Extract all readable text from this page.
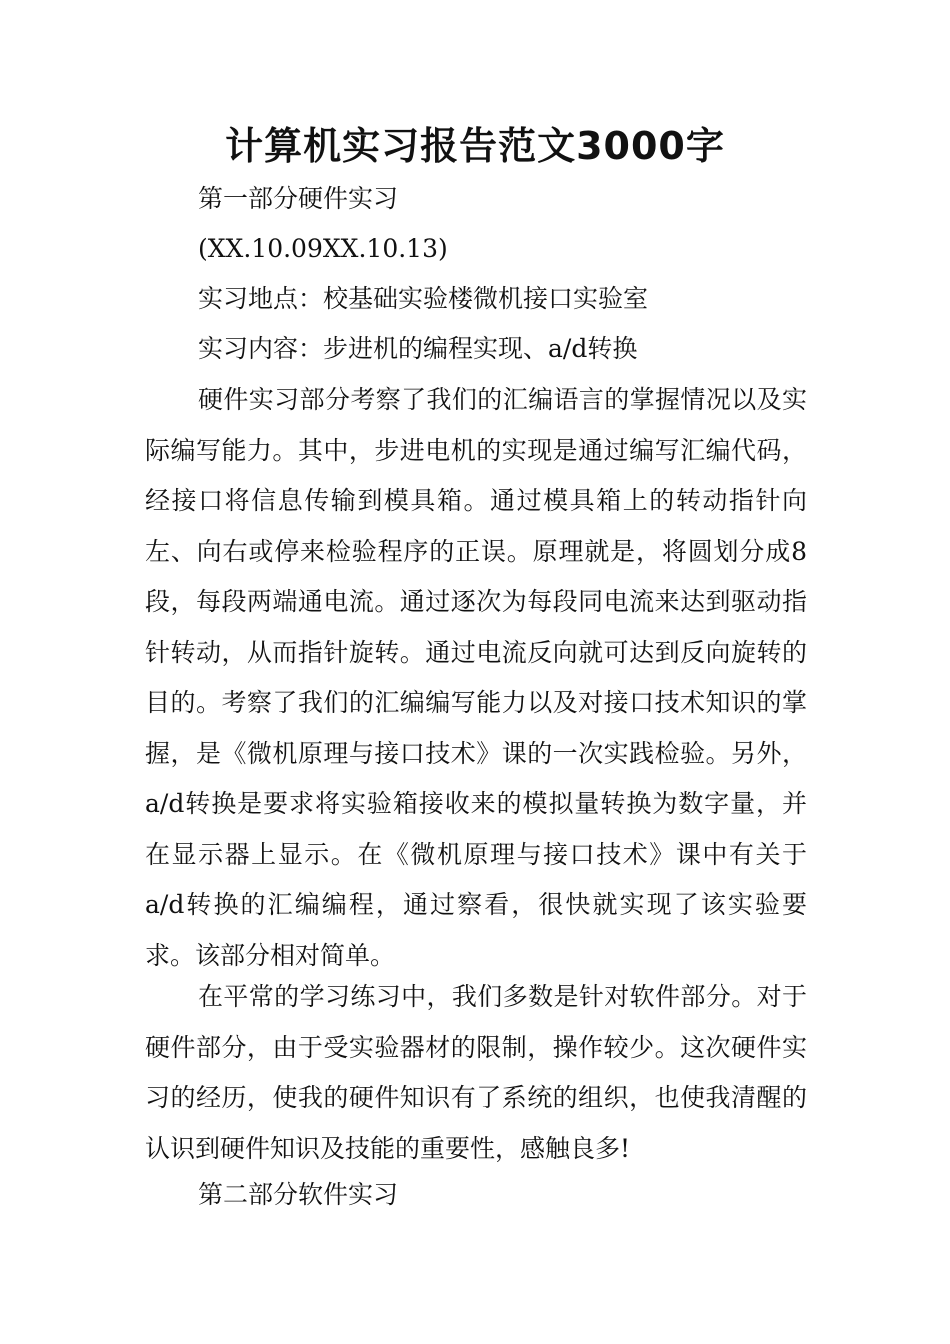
计算机实习报告范文3000字
第一部分硬件实习
(XX.10.09XX.10.13)
实习地点：校基础实验楼微机接口实验室
实习内容：步进机的编程实现、a/d转换
硬件实习部分考察了我们的汇编语言的掌握情况以及实际编写能力。其中，步进电机的实现是通过编写汇编代码，经接口将信息传输到模具箱。通过模具箱上的转动指针向左、向右或停来检验程序的正误。原理就是，将圆划分成8段，每段两端通电流。通过逐次为每段同电流来达到驱动指针转动，从而指针旋转。通过电流反向就可达到反向旋转的目的。考察了我们的汇编编写能力以及对接口技术知识的掌握，是《微机原理与接口技术》课的一次实践检验。另外，a/d转换是要求将实验箱接收来的模拟量转换为数字量，并在显示器上显示。在《微机原理与接口技术》课中有关于a/d转换的汇编编程，通过察看，很快就实现了该实验要求。该部分相对简单。
在平常的学习练习中，我们多数是针对软件部分。对于硬件部分，由于受实验器材的限制，操作较少。这次硬件实习的经历，使我的硬件知识有了系统的组织，也使我清醒的认识到硬件知识及技能的重要性，感触良多!
第二部分软件实习
